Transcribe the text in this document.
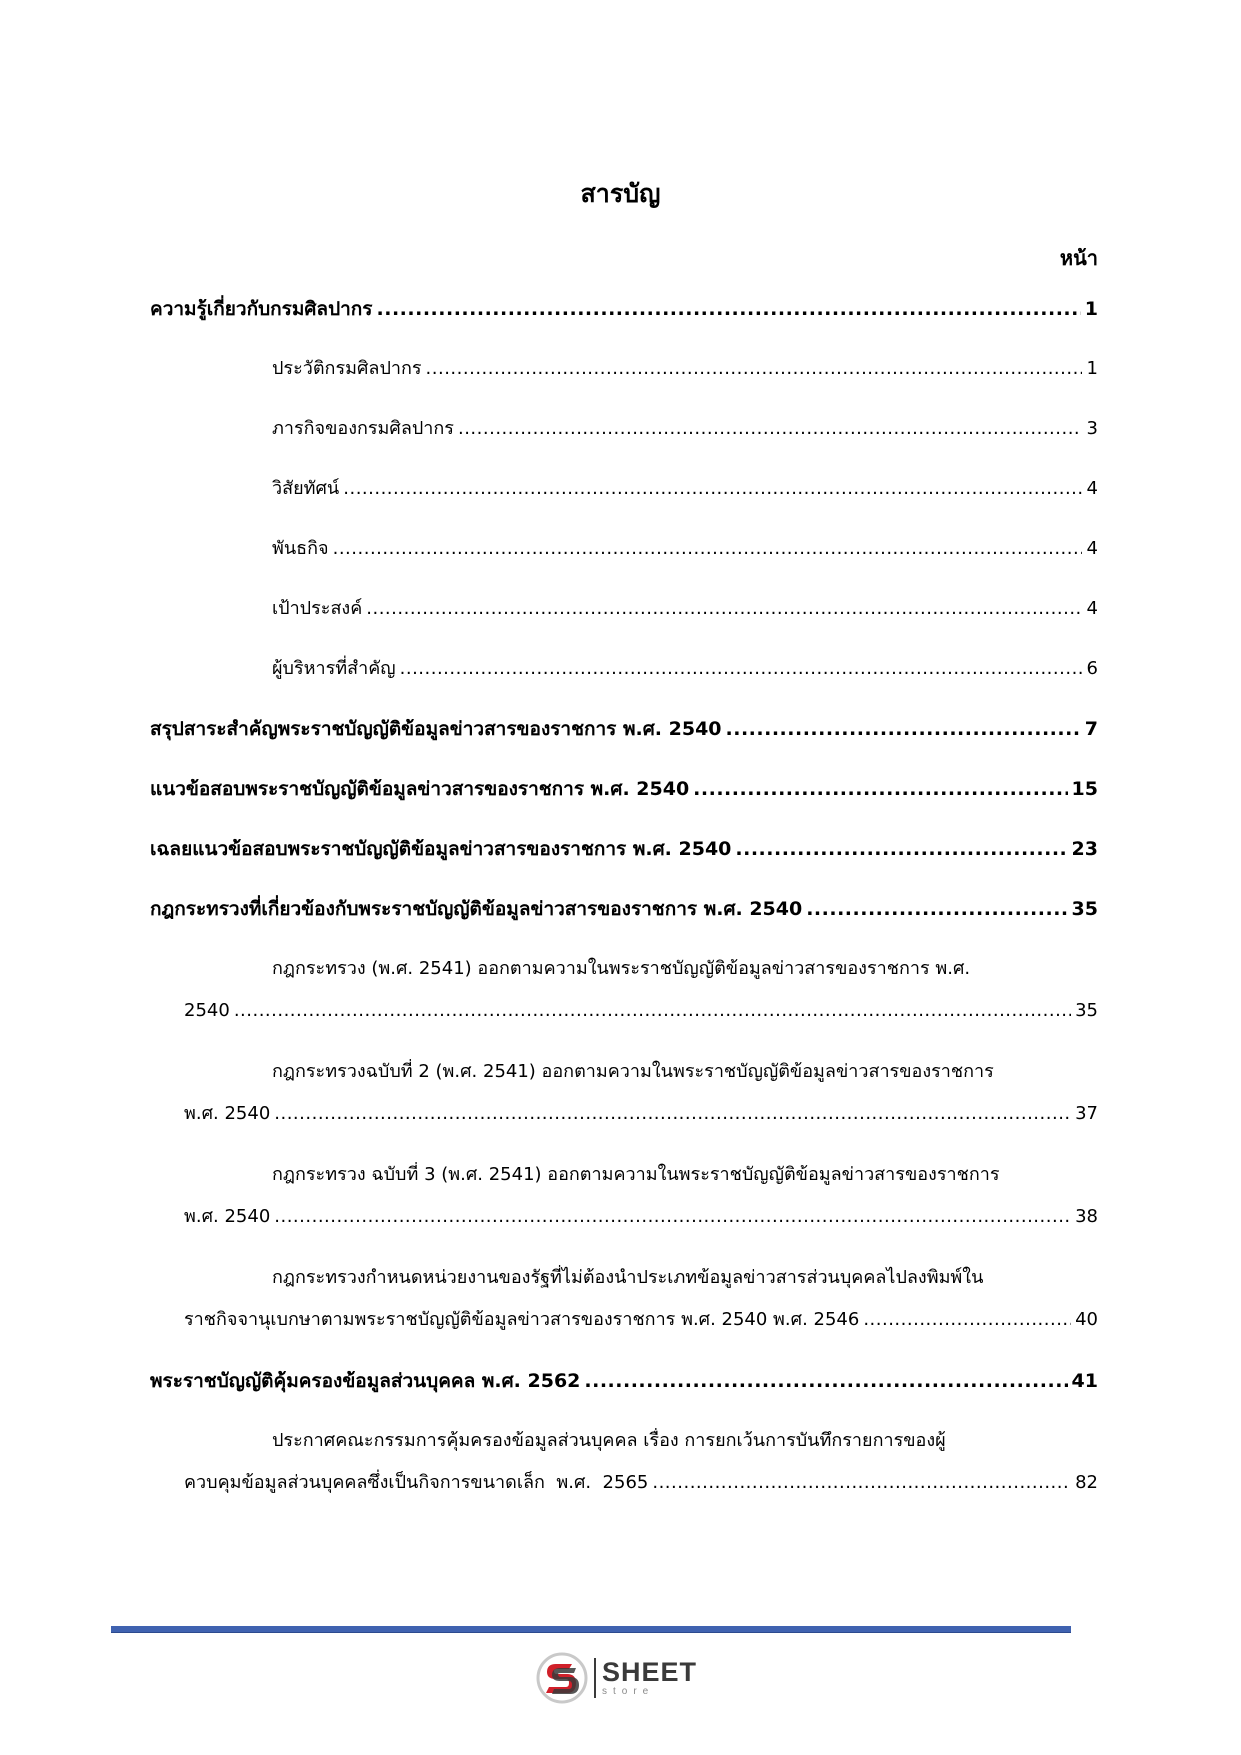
สารบัญ
หน้า
ความรู้เกี่ยวกับกรมศิลปากร .....	1
ประวัติกรมศิลปากร .....	1
ภารกิจของกรมศิลปากร .....	3
วิสัยทัศน์ .....	4
พันธกิจ .....	4
เป้าประสงค์ .....	4
ผู้บริหารที่สำคัญ .....	6
สรุปสาระสำคัญพระราชบัญญัติข้อมูลข่าวสารของราชการ พ.ศ. 2540 .....	7
แนวข้อสอบพระราชบัญญัติข้อมูลข่าวสารของราชการ พ.ศ. 2540 .....	15
เฉลยแนวข้อสอบพระราชบัญญัติข้อมูลข่าวสารของราชการ พ.ศ. 2540 .....	23
กฎกระทรวงที่เกี่ยวข้องกับพระราชบัญญัติข้อมูลข่าวสารของราชการ พ.ศ. 2540 .....	35
กฎกระทรวง (พ.ศ. 2541) ออกตามความในพระราชบัญญัติข้อมูลข่าวสารของราชการ พ.ศ.
2540 .....	35
กฎกระทรวงฉบับที่ 2 (พ.ศ. 2541) ออกตามความในพระราชบัญญัติข้อมูลข่าวสารของราชการ
พ.ศ. 2540 .....	37
กฎกระทรวง ฉบับที่ 3 (พ.ศ. 2541) ออกตามความในพระราชบัญญัติข้อมูลข่าวสารของราชการ
พ.ศ. 2540 .....	38
กฎกระทรวงกำหนดหน่วยงานของรัฐที่ไม่ต้องนำประเภทข้อมูลข่าวสารส่วนบุคคลไปลงพิมพ์ใน
ราชกิจจานุเบกษาตามพระราชบัญญัติข้อมูลข่าวสารของราชการ พ.ศ. 2540 พ.ศ. 2546 .....	40
พระราชบัญญัติคุ้มครองข้อมูลส่วนบุคคล พ.ศ. 2562 .....	41
ประกาศคณะกรรมการคุ้มครองข้อมูลส่วนบุคคล เรื่อง การยกเว้นการบันทึกรายการของผู้
ควบคุมข้อมูลส่วนบุคคลซึ่งเป็นกิจการขนาดเล็ก  พ.ศ.  2565 .....	82
SHEET
store
